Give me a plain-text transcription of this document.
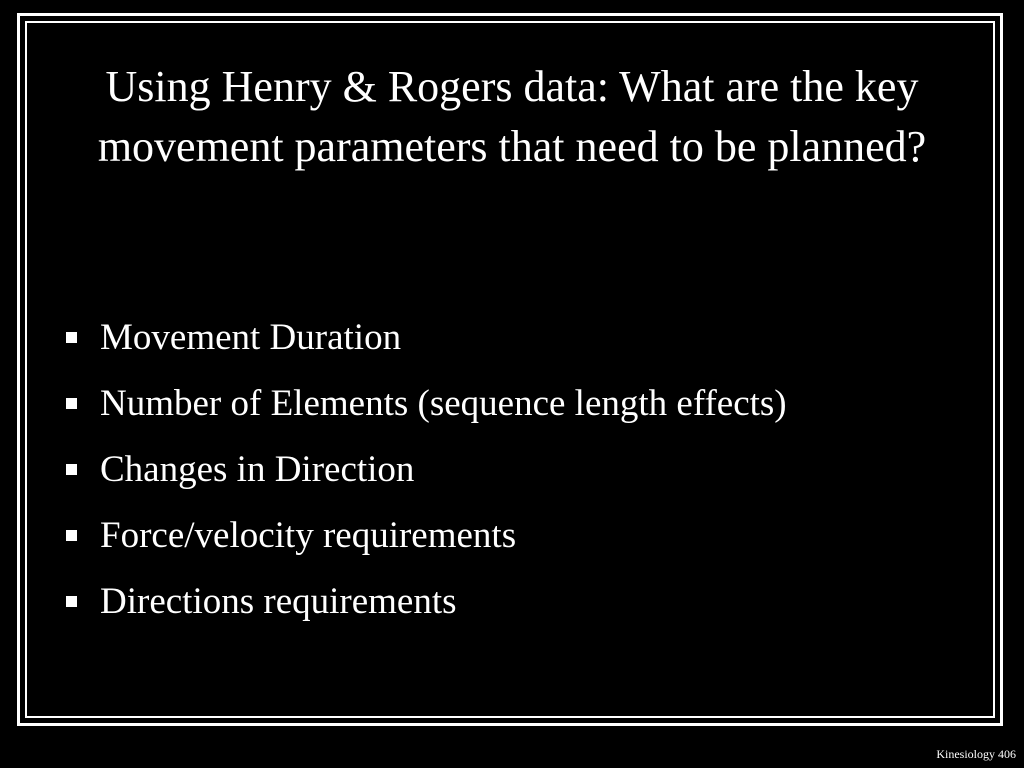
Using Henry & Rogers data: What are the key movement parameters that need to be planned?
Movement Duration
Number of Elements (sequence length effects)
Changes in Direction
Force/velocity requirements
Directions requirements
Kinesiology 406
